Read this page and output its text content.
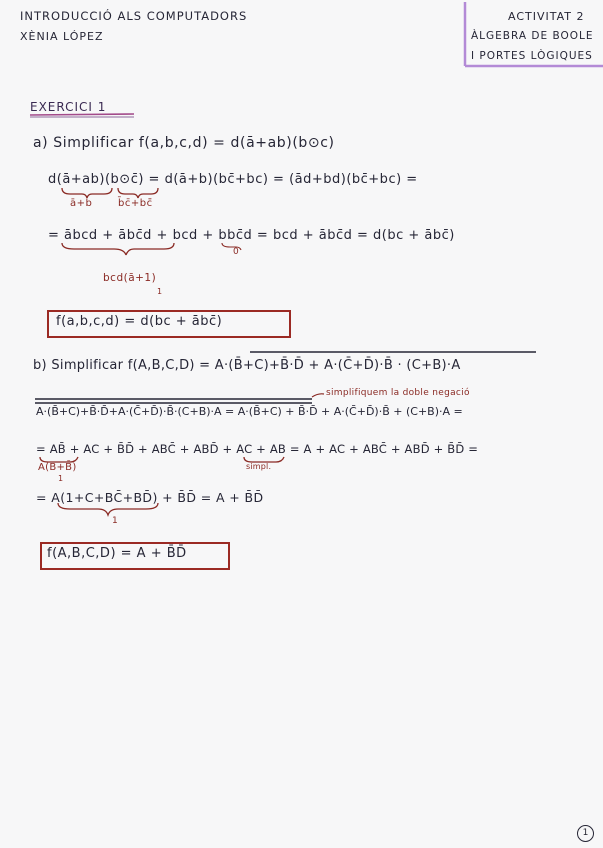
INTRODUCCIÓ ALS COMPUTADORS
XÈNIA LÓPEZ
ACTIVITAT 2
ÀLGEBRA DE BOOLE
I PORTES LÒGIQUES
EXERCICI 1
a) Simplificar f(a,b,c,d) = d(ā+ab)(b⊙c)
d(ā+ab)(b⊙c̄) = d(ā+b)(bc̄+bc) = (ād+bd)(bc̄+bc) =
ā+b	b̄c̄+bc̄̄
= ābcd + ābc̄d + bcd + bbc̄d = bcd + ābc̄d = d(bc + ābc̄)
0
bcd(ā+1)
1
f(a,b,c,d) = d(bc + ābc̄)
b) Simplificar f(A,B,C,D) = A·(B̄+C)+B̄·D̄ + A·(C̄+D̄)·B̄ · (C+B)·A
simplifiquem la doble negació
A·(B̄+C)+B̄·D̄+A·(C̄+D̄)·B̄·(C+B)·A = A·(B̄+C) + B̄·D̄ + A·(C̄+D̄)·B̄ + (C+B)·A =
= AB̄ + AC + B̄D̄ + ABC̄ + ABD̄ + AC + AB = A + AC + ABC̄ + ABD̄ + B̄D̄ =
A(B+B̄)
1
simpl.
= A(1+C+BC̄+BD̄) + B̄D̄ = A + B̄D̄
1
f(A,B,C,D) = A + B̄D̄
1
